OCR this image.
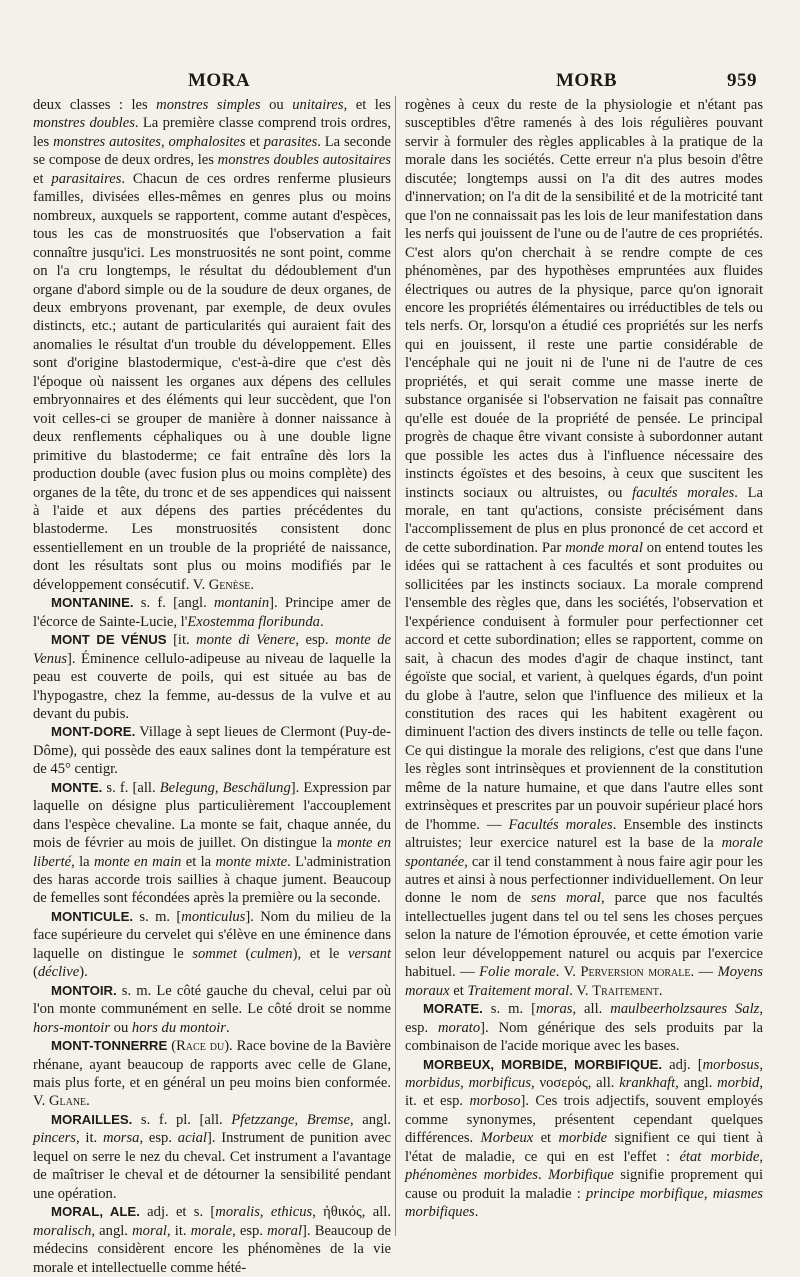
MORA	MORB	959

deux classes : les monstres simples ou unitaires, et les monstres doubles. La première classe comprend trois ordres, les monstres autosites, omphalosites et parasites. La seconde se compose de deux ordres, les monstres doubles autositaires et parasitaires. Chacun de ces ordres renferme plusieurs familles, divisées elles-mêmes en genres plus ou moins nombreux, auxquels se rapportent, comme autant d'espèces, tous les cas de monstruosités que l'observation a fait connaître jusqu'ici. Les monstruosités ne sont point, comme on l'a cru longtemps, le résultat du dédoublement d'un organe d'abord simple ou de la soudure de deux organes, de deux embryons provenant, par exemple, de deux ovules distincts, etc.; autant de particularités qui auraient fait des anomalies le résultat d'un trouble du développement. Elles sont d'origine blastodermique, c'est-à-dire que c'est dès l'époque où naissent les organes aux dépens des cellules embryonnaires et des éléments qui leur succèdent, que l'on voit celles-ci se grouper de manière à donner naissance à deux renflements céphaliques ou à une double ligne primitive du blastoderme; ce fait entraîne dès lors la production double (avec fusion plus ou moins complète) des organes de la tête, du tronc et de ses appendices qui naissent à l'aide et aux dépens des parties précédentes du blastoderme. Les monstruosités consistent donc essentiellement en un trouble de la propriété de naissance, dont les résultats sont plus ou moins modifiés par le développement consécutif. V. Genèse.

MONTANINE. s. f. [angl. montanin]. Principe amer de l'écorce de Sainte-Lucie, l'Exostemma floribunda.

MONT DE VÉNUS [it. monte di Venere, esp. monte de Venus]. Éminence cellulo-adipeuse au niveau de laquelle la peau est couverte de poils, qui est située au bas de l'hypogastre, chez la femme, au-dessus de la vulve et au devant du pubis.

MONT-DORE. Village à sept lieues de Clermont (Puy-de-Dôme), qui possède des eaux salines dont la température est de 45° centigr.

MONTE. s. f. [all. Belegung, Beschälung]. Expression par laquelle on désigne plus particulièrement l'accouplement dans l'espèce chevaline. La monte se fait, chaque année, du mois de février au mois de juillet. On distingue la monte en liberté, la monte en main et la monte mixte. L'administration des haras accorde trois saillies à chaque jument. Beaucoup de femelles sont fécondées après la première ou la seconde.

MONTICULE. s. m. [monticulus]. Nom du milieu de la face supérieure du cervelet qui s'élève en une éminence dans laquelle on distingue le sommet (culmen), et le versant (déclive).

MONTOIR. s. m. Le côté gauche du cheval, celui par où l'on monte communément en selle. Le côté droit se nomme hors-montoir ou hors du montoir.

MONT-TONNERRE (Race du). Race bovine de la Bavière rhénane, ayant beaucoup de rapports avec celle de Glane, mais plus forte, et en général un peu moins bien conformée. V. Glane.

MORAILLES. s. f. pl. [all. Pfetzzange, Bremse, angl. pincers, it. morsa, esp. acial]. Instrument de punition avec lequel on serre le nez du cheval. Cet instrument a l'avantage de maîtriser le cheval et de détourner la sensibilité pendant une opération.

MORAL, ALE. adj. et s. [moralis, ethicus, ἠθικός, all. moralisch, angl. moral, it. morale, esp. moral]. Beaucoup de médecins considèrent encore les phénomènes de la vie morale et intellectuelle comme hété-

rogènes à ceux du reste de la physiologie et n'étant pas susceptibles d'être ramenés à des lois régulières pouvant servir à formuler des règles applicables à la pratique de la morale dans les sociétés. Cette erreur n'a plus besoin d'être discutée; longtemps aussi on l'a dit des autres modes d'innervation; on l'a dit de la sensibilité et de la motricité tant que l'on ne connaissait pas les lois de leur manifestation dans les nerfs qui jouissent de l'une ou de l'autre de ces propriétés. C'est alors qu'on cherchait à se rendre compte de ces phénomènes, par des hypothèses empruntées aux fluides électriques ou autres de la physique, parce qu'on ignorait encore les propriétés élémentaires ou irréductibles de tels ou tels nerfs. Or, lorsqu'on a étudié ces propriétés sur les nerfs qui en jouissent, il reste une partie considérable de l'encéphale qui ne jouit ni de l'une ni de l'autre de ces propriétés, et qui serait comme une masse inerte de substance organisée si l'observation ne faisait pas connaître qu'elle est douée de la propriété de pensée. Le principal progrès de chaque être vivant consiste à subordonner autant que possible les actes dus à l'influence nécessaire des instincts égoïstes et des besoins, à ceux que suscitent les instincts sociaux ou altruistes, ou facultés morales. La morale, en tant qu'actions, consiste précisément dans l'accomplissement de plus en plus prononcé de cet accord et de cette subordination. Par monde moral on entend toutes les idées qui se rattachent à ces facultés et sont produites ou sollicitées par les instincts sociaux. La morale comprend l'ensemble des règles que, dans les sociétés, l'observation et l'expérience conduisent à formuler pour perfectionner cet accord et cette subordination; elles se rapportent, comme on sait, à chacun des modes d'agir de chaque instinct, tant égoïste que social, et varient, à quelques égards, d'un point du globe à l'autre, selon que l'influence des milieux et la constitution des races qui les habitent exagèrent ou diminuent l'action des divers instincts de telle ou telle façon. Ce qui distingue la morale des religions, c'est que dans l'une les règles sont intrinsèques et proviennent de la constitution même de la nature humaine, et que dans l'autre elles sont extrinsèques et prescrites par un pouvoir supérieur placé hors de l'homme. — Facultés morales. Ensemble des instincts altruistes; leur exercice naturel est la base de la morale spontanée, car il tend constamment à nous faire agir pour les autres et ainsi à nous perfectionner individuellement. On leur donne le nom de sens moral, parce que nos facultés intellectuelles jugent dans tel ou tel sens les choses perçues selon la nature de l'émotion éprouvée, et cette émotion varie selon leur développement naturel ou acquis par l'exercice habituel. — Folie morale. V. Perversion morale. — Moyens moraux et Traitement moral. V. Traitement.

MORATE. s. m. [moras, all. maulbeerholzsaures Salz, esp. morato]. Nom générique des sels produits par la combinaison de l'acide morique avec les bases.

MORBEUX, MORBIDE, MORBIFIQUE. adj. [morbosus, morbidus, morbificus, νοσερός, all. krankhaft, angl. morbid, it. et esp. morboso]. Ces trois adjectifs, souvent employés comme synonymes, présentent cependant quelques différences. Morbeux et morbide signifient ce qui tient à l'état de maladie, ce qui en est l'effet : état morbide, phénomènes morbides. Morbifique signifie proprement qui cause ou produit la maladie : principe morbifique, miasmes morbifiques.
